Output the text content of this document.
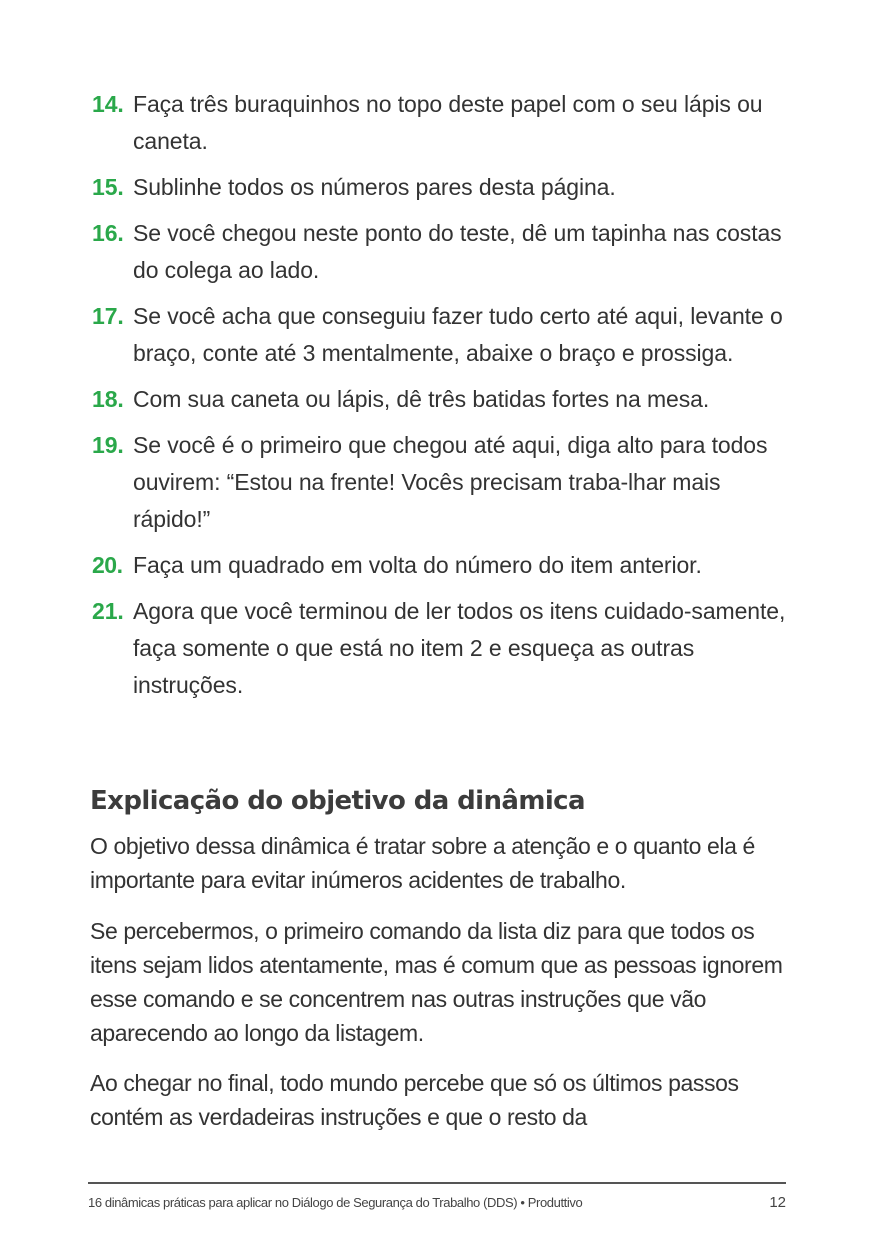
14. Faça três buraquinhos no topo deste papel com o seu lápis ou caneta.
15. Sublinhe todos os números pares desta página.
16. Se você chegou neste ponto do teste, dê um tapinha nas costas do colega ao lado.
17. Se você acha que conseguiu fazer tudo certo até aqui, levante o braço, conte até 3 mentalmente, abaixe o braço e prossiga.
18. Com sua caneta ou lápis, dê três batidas fortes na mesa.
19. Se você é o primeiro que chegou até aqui, diga alto para todos ouvirem: “Estou na frente! Vocês precisam traba-lhar mais rápido!”
20. Faça um quadrado em volta do número do item anterior.
21. Agora que você terminou de ler todos os itens cuidado-samente, faça somente o que está no item 2 e esqueça as outras instruções.
Explicação do objetivo da dinâmica
O objetivo dessa dinâmica é tratar sobre a atenção e o quanto ela é importante para evitar inúmeros acidentes de trabalho.
Se percebermos, o primeiro comando da lista diz para que todos os itens sejam lidos atentamente, mas é comum que as pessoas ignorem esse comando e se concentrem nas outras instruções que vão aparecendo ao longo da listagem.
Ao chegar no final, todo mundo percebe que só os últimos passos contém as verdadeiras instruções e que o resto da
16 dinâmicas práticas para aplicar no Diálogo de Segurança do Trabalho (DDS) • Produttivo	12
